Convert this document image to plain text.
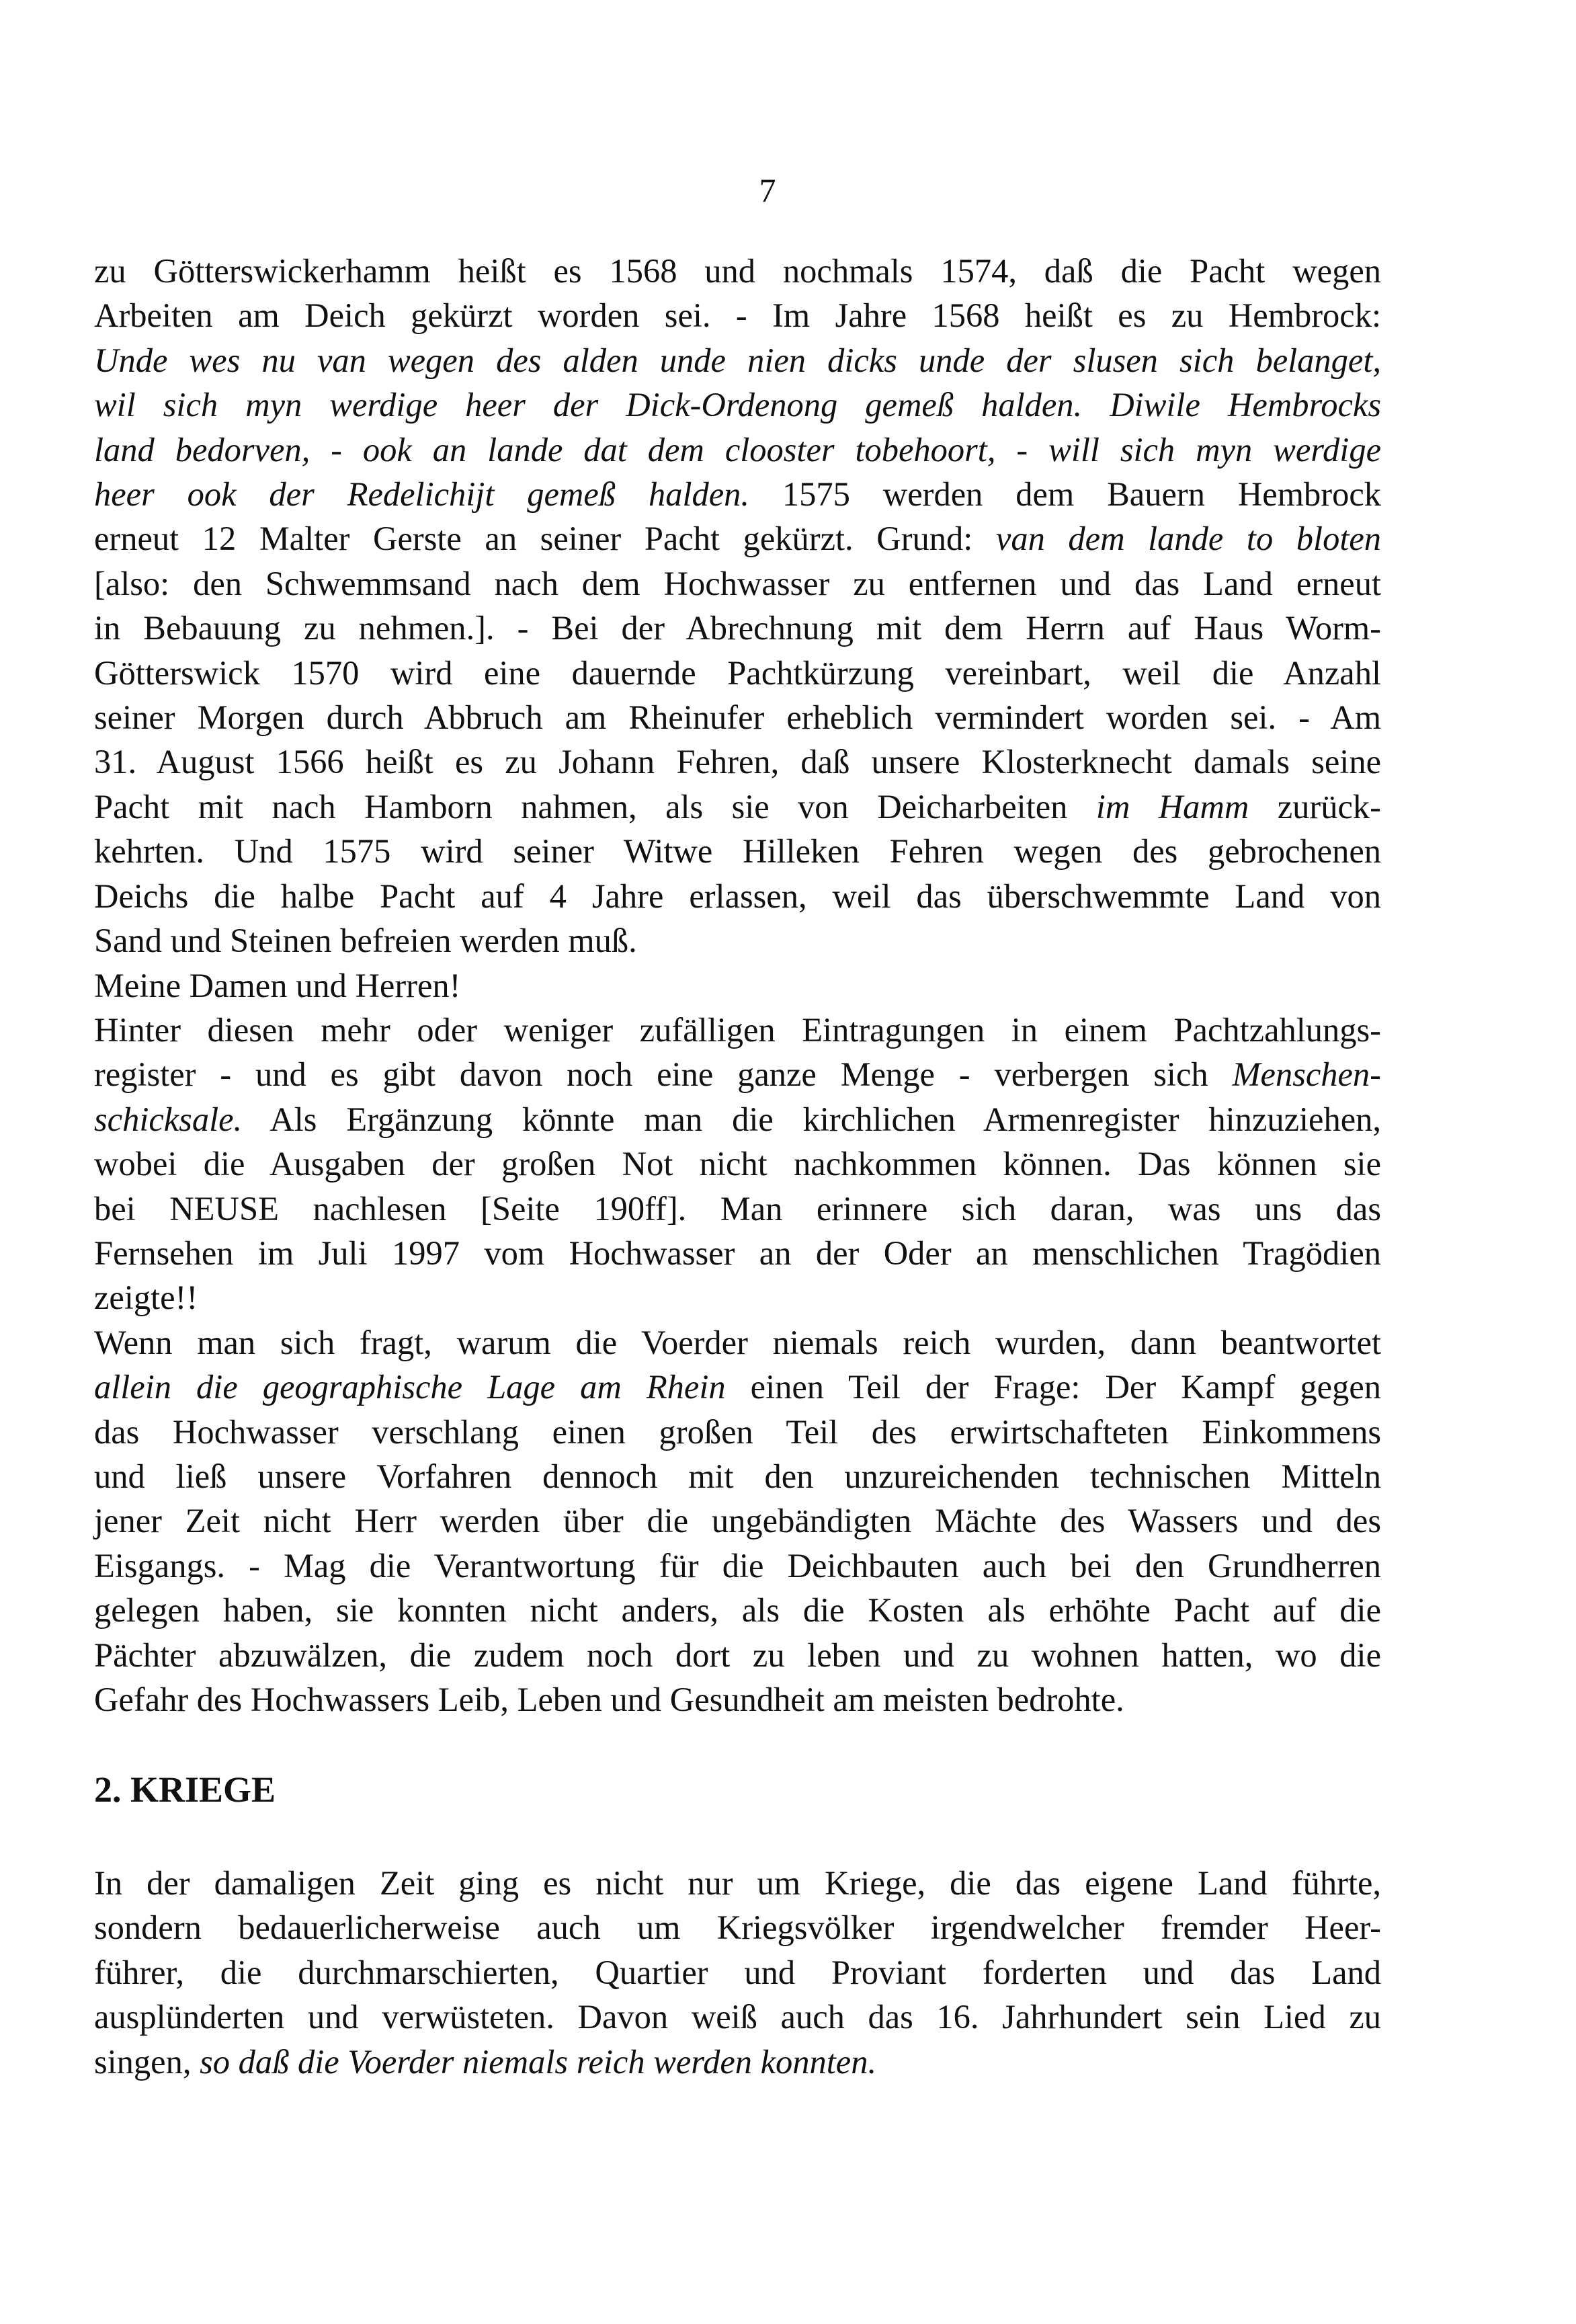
7
zu Götterswickerhamm heißt es 1568 und nochmals 1574, daß die Pacht wegen
Arbeiten am Deich gekürzt worden sei. - Im Jahre 1568 heißt es zu Hembrock:
Unde wes nu van wegen des alden unde nien dicks unde der slusen sich belanget,
wil sich myn werdige heer der Dick-Ordenong gemeß halden. Diwile Hembrocks
land bedorven, - ook an lande dat dem clooster tobehoort, - will sich myn werdige
heer ook der Redelichijt gemeß halden. 1575 werden dem Bauern Hembrock
erneut 12 Malter Gerste an seiner Pacht gekürzt. Grund: van dem lande to bloten
[also: den Schwemmsand nach dem Hochwasser zu entfernen und das Land erneut
in Bebauung zu nehmen.]. - Bei der Abrechnung mit dem Herrn auf Haus Worm-
Götterswick 1570 wird eine dauernde Pachtkürzung vereinbart, weil die Anzahl
seiner Morgen durch Abbruch am Rheinufer erheblich vermindert worden sei. - Am
31. August 1566 heißt es zu Johann Fehren, daß unsere Klosterknecht damals seine
Pacht mit nach Hamborn nahmen, als sie von Deicharbeiten im Hamm zurück-
kehrten. Und 1575 wird seiner Witwe Hilleken Fehren wegen des gebrochenen
Deichs die halbe Pacht auf 4 Jahre erlassen, weil das überschwemmte Land von
Sand und Steinen befreien werden muß.
Meine Damen und Herren!
Hinter diesen mehr oder weniger zufälligen Eintragungen in einem Pachtzahlungs-
register - und es gibt davon noch eine ganze Menge - verbergen sich Menschen-
schicksale. Als Ergänzung könnte man die kirchlichen Armenregister hinzuziehen,
wobei die Ausgaben der großen Not nicht nachkommen können. Das können sie
bei NEUSE nachlesen [Seite 190ff]. Man erinnere sich daran, was uns das
Fernsehen im Juli 1997 vom Hochwasser an der Oder an menschlichen Tragödien
zeigte!!
Wenn man sich fragt, warum die Voerder niemals reich wurden, dann beantwortet
allein die geographische Lage am Rhein einen Teil der Frage: Der Kampf gegen
das Hochwasser verschlang einen großen Teil des erwirtschafteten Einkommens
und ließ unsere Vorfahren dennoch mit den unzureichenden technischen Mitteln
jener Zeit nicht Herr werden über die ungebändigten Mächte des Wassers und des
Eisgangs. - Mag die Verantwortung für die Deichbauten auch bei den Grundherren
gelegen haben, sie konnten nicht anders, als die Kosten als erhöhte Pacht auf die
Pächter abzuwälzen, die zudem noch dort zu leben und zu wohnen hatten, wo die
Gefahr des Hochwassers Leib, Leben und Gesundheit am meisten bedrohte.
2. KRIEGE
In der damaligen Zeit ging es nicht nur um Kriege, die das eigene Land führte,
sondern bedauerlicherweise auch um Kriegsvölker irgendwelcher fremder Heer-
führer, die durchmarschierten, Quartier und Proviant forderten und das Land
ausplünderten und verwüsteten. Davon weiß auch das 16. Jahrhundert sein Lied zu
singen, so daß die Voerder niemals reich werden konnten.
